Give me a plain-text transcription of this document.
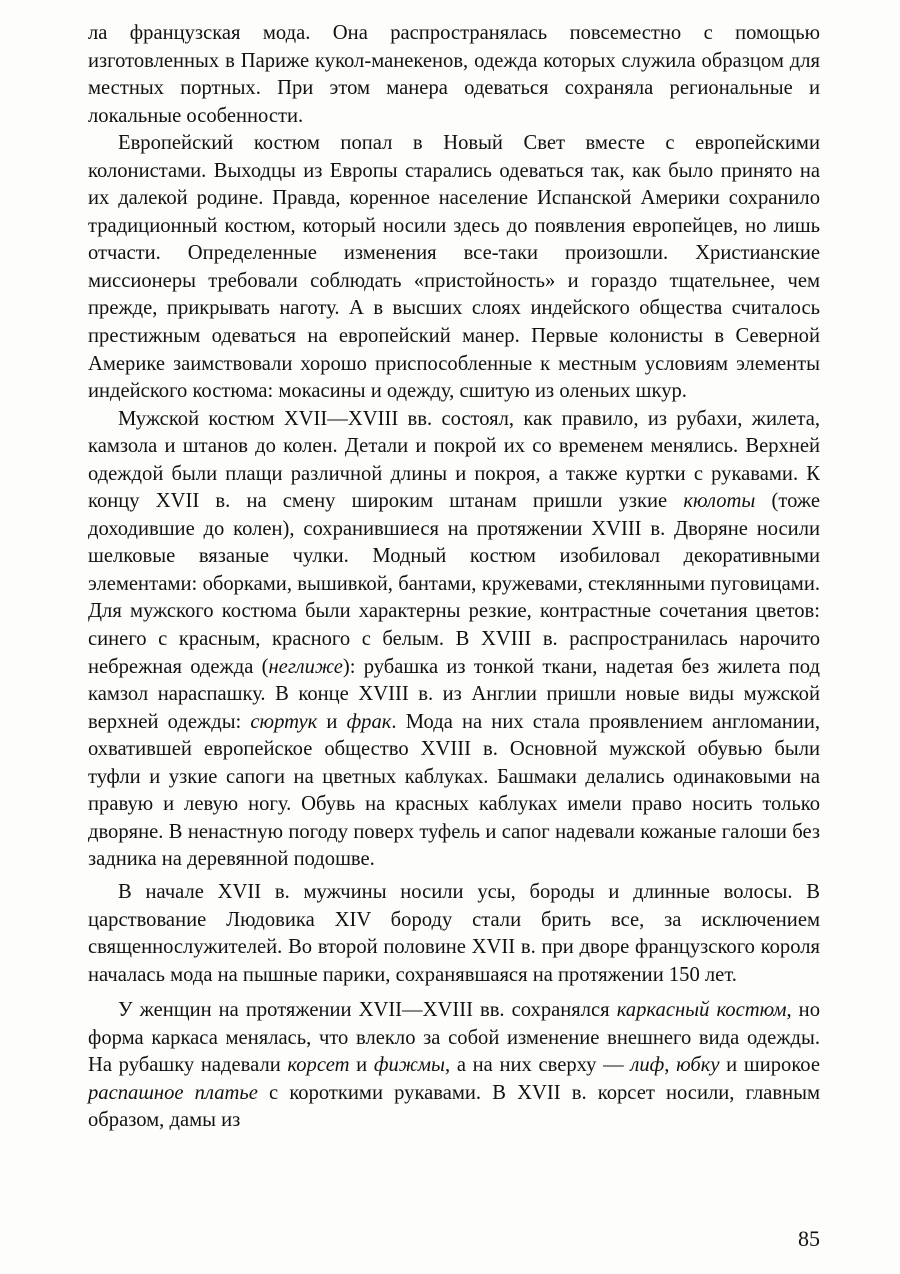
ла французская мода. Она распространялась повсеместно с помощью изготовленных в Париже кукол-манекенов, одежда которых служила образцом для местных портных. При этом манера одеваться сохраняла региональные и локальные особенности.

Европейский костюм попал в Новый Свет вместе с европейскими колонистами. Выходцы из Европы старались одеваться так, как было принято на их далекой родине. Правда, коренное население Испанской Америки сохранило традиционный костюм, который носили здесь до появления европейцев, но лишь отчасти. Определенные изменения все-таки произошли. Христианские миссионеры требовали соблюдать «пристойность» и гораздо тщательнее, чем прежде, прикрывать наготу. А в высших слоях индейского общества считалось престижным одеваться на европейский манер. Первые колонисты в Северной Америке заимствовали хорошо приспособленные к местным условиям элементы индейского костюма: мокасины и одежду, сшитую из оленьих шкур.

Мужской костюм XVII—XVIII вв. состоял, как правило, из рубахи, жилета, камзола и штанов до колен. Детали и покрой их со временем менялись. Верхней одеждой были плащи различной длины и покроя, а также куртки с рукавами. К концу XVII в. на смену широким штанам пришли узкие кюлоты (тоже доходившие до колен), сохранившиеся на протяжении XVIII в. Дворяне носили шелковые вязаные чулки. Модный костюм изобиловал декоративными элементами: оборками, вышивкой, бантами, кружевами, стеклянными пуговицами. Для мужского костюма были характерны резкие, контрастные сочетания цветов: синего с красным, красного с белым. В XVIII в. распространилась нарочито небрежная одежда (неглиже): рубашка из тонкой ткани, надетая без жилета под камзол нараспашку. В конце XVIII в. из Англии пришли новые виды мужской верхней одежды: сюртук и фрак. Мода на них стала проявлением англомании, охватившей европейское общество XVIII в. Основной мужской обувью были туфли и узкие сапоги на цветных каблуках. Башмаки делались одинаковыми на правую и левую ногу. Обувь на красных каблуках имели право носить только дворяне. В ненастную погоду поверх туфель и сапог надевали кожаные галоши без задника на деревянной подошве.

В начале XVII в. мужчины носили усы, бороды и длинные волосы. В царствование Людовика XIV бороду стали брить все, за исключением священнослужителей. Во второй половине XVII в. при дворе французского короля началась мода на пышные парики, сохранявшаяся на протяжении 150 лет.

У женщин на протяжении XVII—XVIII вв. сохранялся каркасный костюм, но форма каркаса менялась, что влекло за собой изменение внешнего вида одежды. На рубашку надевали корсет и фижмы, а на них сверху — лиф, юбку и широкое распашное платье с короткими рукавами. В XVII в. корсет носили, главным образом, дамы из

85
